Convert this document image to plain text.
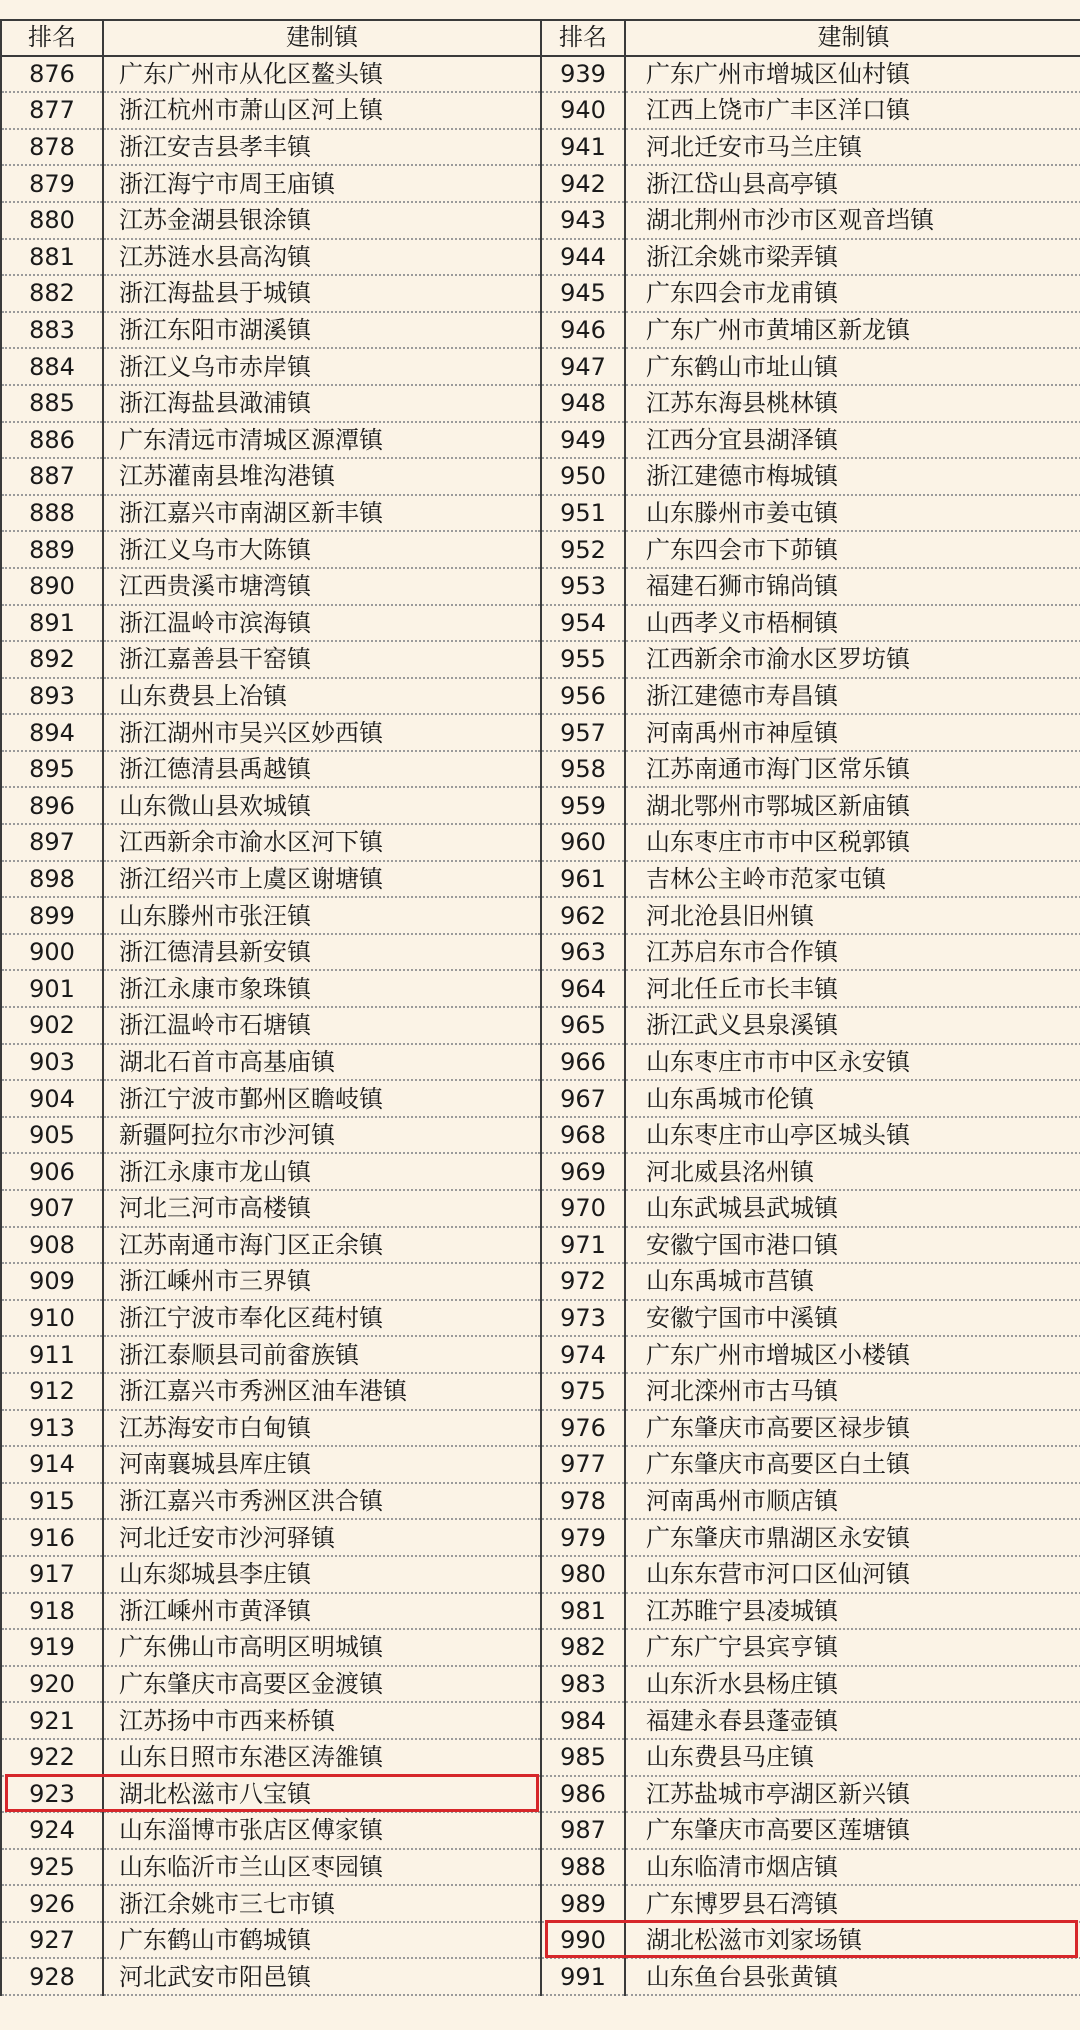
排名	建制镇	排名	建制镇
876	广东广州市从化区鳌头镇	939	广东广州市增城区仙村镇
877	浙江杭州市萧山区河上镇	940	江西上饶市广丰区洋口镇
878	浙江安吉县孝丰镇	941	河北迁安市马兰庄镇
879	浙江海宁市周王庙镇	942	浙江岱山县高亭镇
880	江苏金湖县银涂镇	943	湖北荆州市沙市区观音垱镇
881	江苏涟水县高沟镇	944	浙江余姚市梁弄镇
882	浙江海盐县于城镇	945	广东四会市龙甫镇
883	浙江东阳市湖溪镇	946	广东广州市黄埔区新龙镇
884	浙江义乌市赤岸镇	947	广东鹤山市址山镇
885	浙江海盐县澉浦镇	948	江苏东海县桃林镇
886	广东清远市清城区源潭镇	949	江西分宜县湖泽镇
887	江苏灌南县堆沟港镇	950	浙江建德市梅城镇
888	浙江嘉兴市南湖区新丰镇	951	山东滕州市姜屯镇
889	浙江义乌市大陈镇	952	广东四会市下茆镇
890	江西贵溪市塘湾镇	953	福建石狮市锦尚镇
891	浙江温岭市滨海镇	954	山西孝义市梧桐镇
892	浙江嘉善县干窑镇	955	江西新余市渝水区罗坊镇
893	山东费县上冶镇	956	浙江建德市寿昌镇
894	浙江湖州市吴兴区妙西镇	957	河南禹州市神垕镇
895	浙江德清县禹越镇	958	江苏南通市海门区常乐镇
896	山东微山县欢城镇	959	湖北鄂州市鄂城区新庙镇
897	江西新余市渝水区河下镇	960	山东枣庄市市中区税郭镇
898	浙江绍兴市上虞区谢塘镇	961	吉林公主岭市范家屯镇
899	山东滕州市张汪镇	962	河北沧县旧州镇
900	浙江德清县新安镇	963	江苏启东市合作镇
901	浙江永康市象珠镇	964	河北任丘市长丰镇
902	浙江温岭市石塘镇	965	浙江武义县泉溪镇
903	湖北石首市高基庙镇	966	山东枣庄市市中区永安镇
904	浙江宁波市鄞州区瞻岐镇	967	山东禹城市伦镇
905	新疆阿拉尔市沙河镇	968	山东枣庄市山亭区城头镇
906	浙江永康市龙山镇	969	河北威县洺州镇
907	河北三河市高楼镇	970	山东武城县武城镇
908	江苏南通市海门区正余镇	971	安徽宁国市港口镇
909	浙江嵊州市三界镇	972	山东禹城市莒镇
910	浙江宁波市奉化区莼村镇	973	安徽宁国市中溪镇
911	浙江泰顺县司前畲族镇	974	广东广州市增城区小楼镇
912	浙江嘉兴市秀洲区油车港镇	975	河北滦州市古马镇
913	江苏海安市白甸镇	976	广东肇庆市高要区禄步镇
914	河南襄城县库庄镇	977	广东肇庆市高要区白土镇
915	浙江嘉兴市秀洲区洪合镇	978	河南禹州市顺店镇
916	河北迁安市沙河驿镇	979	广东肇庆市鼎湖区永安镇
917	山东郯城县李庄镇	980	山东东营市河口区仙河镇
918	浙江嵊州市黄泽镇	981	江苏睢宁县凌城镇
919	广东佛山市高明区明城镇	982	广东广宁县宾亨镇
920	广东肇庆市高要区金渡镇	983	山东沂水县杨庄镇
921	江苏扬中市西来桥镇	984	福建永春县蓬壶镇
922	山东日照市东港区涛雒镇	985	山东费县马庄镇
923	湖北松滋市八宝镇	986	江苏盐城市亭湖区新兴镇
924	山东淄博市张店区傅家镇	987	广东肇庆市高要区莲塘镇
925	山东临沂市兰山区枣园镇	988	山东临清市烟店镇
926	浙江余姚市三七市镇	989	广东博罗县石湾镇
927	广东鹤山市鹤城镇	990	湖北松滋市刘家场镇
928	河北武安市阳邑镇	991	山东鱼台县张黄镇
